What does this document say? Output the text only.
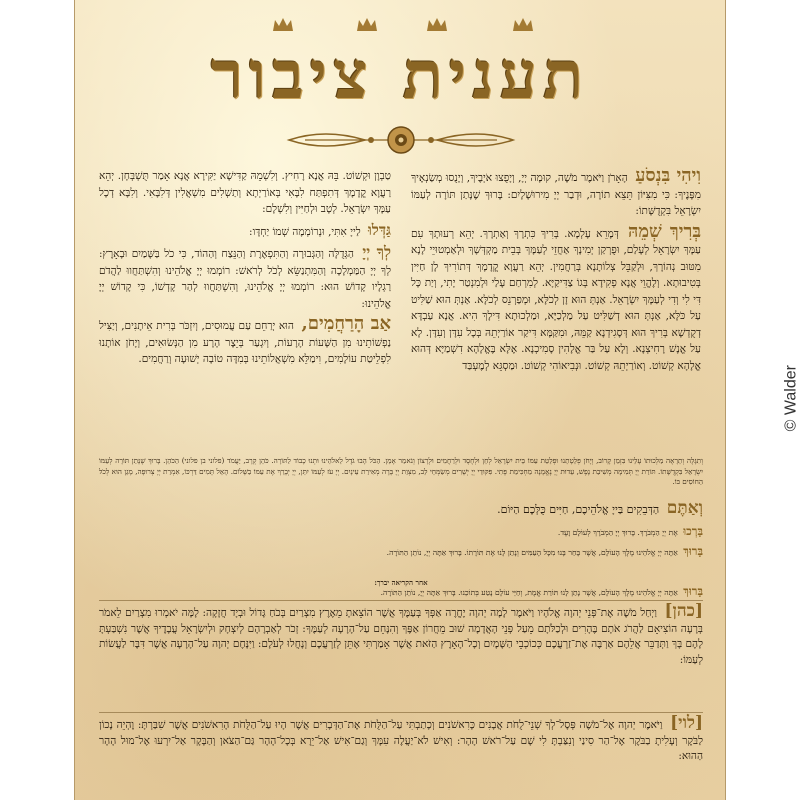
תענית ציבור

וִיהִי בִּנְסֹעַ הָאָרֹן וַיֹּאמֶר מֹשֶׁה, קוּמָה יְיָ, וְיָפֻצוּ אֹיְבֶיךָ, וְיָנֻסוּ מְשַׂנְאֶיךָ מִפָּנֶיךָ: כִּי מִצִּיּוֹן תֵּצֵא תוֹרָה, וּדְבַר יְיָ מִירוּשָׁלָיִם: בָּרוּךְ שֶׁנָּתַן תּוֹרָה לְעַמּוֹ יִשְׂרָאֵל בִּקְדֻשָּׁתוֹ:

בְּרִיךְ שְׁמֵהּ דְּמָרֵא עָלְמָא. בְּרִיךְ כִּתְרָךְ וְאַתְרָךְ. יְהֵא רְעוּתָךְ עִם עַמָּךְ יִשְׂרָאֵל לְעָלַם, וּפֻרְקַן יְמִינָךְ אַחֲזֵי לְעַמָּךְ בְּבֵית מַקְדְּשָׁךְ וּלְאַמְטוּיֵי לָנָא מִטּוּב נְהוֹרָךְ, וּלְקַבֵּל צְלוֹתָנָא בְּרַחֲמִין. יְהֵא רַעֲוָא קֳדָמָךְ דְּתוֹרִיךְ לָן חַיִּין בְּטִיבוּתָא. וְלֶהֱוֵי אֲנָא פְקִידָא בְּגוֹ צַדִּיקַיָּא. לְמִרְחַם עָלַי וּלְמִנְטַר יָתִי, וְיַת כָּל דִּי לִי וְדִי לְעַמָּךְ יִשְׂרָאֵל. אַנְתְּ הוּא זָן לְכֹלָּא, וּמְפַרְנֵס לְכֹלָּא. אַנְתְּ הוּא שַׁלִּיט עַל כֹּלָּא, אַנְתְּ הוּא דְשַׁלִּיט עַל מַלְכַיָּא, וּמַלְכוּתָא דִּילָךְ הִיא. אֲנָא עַבְדָּא דְקֻדְשָׁא בְּרִיךְ הוּא דְּסָגִידְנָא קַמֵּהּ, וּמִקַּמָּא דִּיקַר אוֹרַיְתֵהּ בְּכָל עִדָּן וְעִדָּן. לָא עַל אֱנָשׁ רָחִיצְנָא. וְלָא עַל בַּר אֱלָהִין סָמִיכְנָא. אֶלָּא בֶּאֱלָהָא דִשְׁמַיָּא דְּהוּא אֱלָהָא קְשׁוֹט. וְאוֹרַיְתֵהּ קְשׁוֹט. וּנְבִיאוֹהִי קְשׁוֹט. וּמַסְגֵּא לְמֶעְבַּד

טַבְוָן וּקְשׁוֹט. בֵּהּ אֲנָא רָחִיץ. וְלִשְׁמֵהּ קַדִּישָׁא יַקִּירָא אֲנָא אֵמַר תֻּשְׁבְּחָן. יְהֵא רַעֲוָא קֳדָמָךְ דְּתִפְתַּח לִבָּאִי בְּאוֹרַיְתָא וְתַשְׁלִים מִשְׁאֲלִין דְּלִבָּאִי. וְלִבָּא דְכָל עַמָּךְ יִשְׂרָאֵל. לְטָב וּלְחַיִּין וְלִשְׁלָם:

גַּדְּלוּ לַייָ אִתִּי, וּנְרוֹמְמָה שְׁמוֹ יַחְדָּו:

לְךָ יְיָ הַגְּדֻלָּה וְהַגְּבוּרָה וְהַתִּפְאֶרֶת וְהַנֵּצַח וְהַהוֹד, כִּי כֹל בַּשָּׁמַיִם וּבָאָרֶץ: לְךָ יְיָ הַמַּמְלָכָה וְהַמִּתְנַשֵּׂא לְכֹל לְרֹאשׁ: רוֹמְמוּ יְיָ אֱלֹהֵינוּ וְהִשְׁתַּחֲווּ לַהֲדֹם רַגְלָיו קָדוֹשׁ הוּא: רוֹמְמוּ יְיָ אֱלֹהֵינוּ, וְהִשְׁתַּחֲווּ לְהַר קָדְשׁוֹ, כִּי קָדוֹשׁ יְיָ אֱלֹהֵינוּ:

אַב הָרַחֲמִים, הוּא יְרַחֵם עַם עֲמוּסִים, וְיִזְכֹּר בְּרִית אֵיתָנִים, וְיַצִּיל נַפְשׁוֹתֵינוּ מִן הַשָּׁעוֹת הָרָעוֹת, וְיִגְעַר בְּיֵצֶר הָרָע מִן הַנְּשׂוּאִים, וְיָחֹן אוֹתָנוּ לִפְלֵיטַת עוֹלָמִים, וִימַלֵּא מִשְׁאֲלוֹתֵינוּ בְּמִדָּה טוֹבָה יְשׁוּעָה וְרַחֲמִים.

וְתִגָּלֶה וְתֵרָאֶה מַלְכוּתוֹ עָלֵינוּ בִּזְמַן קָרוֹב, וְיָחֹן פְּלֵטָתֵנוּ וּפְלֵטַת עַמּוֹ בֵּית יִשְׂרָאֵל לְחֵן וּלְחֶסֶד וּלְרַחֲמִים וּלְרָצוֹן וְנֹאמַר אָמֵן. הַכֹּל הָבוּ גֹדֶל לֵאלֹהֵינוּ וּתְנוּ כָבוֹד לַתּוֹרָה. כֹּהֵן קְרָב, יַעֲמֹד (פלוני בן פלוני) הַכֹּהֵן. בָּרוּךְ שֶׁנָּתַן תּוֹרָה לְעַמּוֹ יִשְׂרָאֵל בִּקְדֻשָּׁתוֹ. תּוֹרַת יְיָ תְּמִימָה מְשִׁיבַת נָפֶשׁ, עֵדוּת יְיָ נֶאֱמָנָה מַחְכִּימַת פֶּתִי. פִּקּוּדֵי יְיָ יְשָׁרִים מְשַׂמְּחֵי לֵב, מִצְוַת יְיָ בָּרָה מְאִירַת עֵינָיִם. יְיָ עֹז לְעַמּוֹ יִתֵּן, יְיָ יְבָרֵךְ אֶת עַמּוֹ בַשָּׁלוֹם. הָאֵל תָּמִים דַּרְכּוֹ, אִמְרַת יְיָ צְרוּפָה, מָגֵן הוּא לְכֹל הַחוֹסִים בּוֹ.
וְאַתֶּם הַדְּבֵקִים בַּייָ אֱלֹהֵיכֶם, חַיִּים כֻּלְּכֶם הַיּוֹם.
בָּרְכוּ אֶת יְיָ הַמְבֹרָךְ. בָּרוּךְ יְיָ הַמְבֹרָךְ לְעוֹלָם וָעֶד.
בָּרוּךְ אַתָּה יְיָ אֱלֹהֵינוּ מֶלֶךְ הָעוֹלָם, אֲשֶׁר בָּחַר בָּנוּ מִכָּל הָעַמִּים וְנָתַן לָנוּ אֶת תּוֹרָתוֹ. בָּרוּךְ אַתָּה יְיָ, נוֹתֵן הַתּוֹרָה.
אחר הקריאה יברך:
בָּרוּךְ אַתָּה יְיָ אֱלֹהֵינוּ מֶלֶךְ הָעוֹלָם, אֲשֶׁר נָתַן לָנוּ תּוֹרַת אֱמֶת, וְחַיֵּי עוֹלָם נָטַע בְּתוֹכֵנוּ. בָּרוּךְ אַתָּה יְיָ, נוֹתֵן הַתּוֹרָה.
[כהן] וַיְחַל מֹשֶׁה אֶת־פְּנֵי יְהוָה אֱלֹהָיו וַיֹּאמֶר לָמָה יְהוָה יֶחֱרֶה אַפְּךָ בְּעַמֶּךָ אֲשֶׁר הוֹצֵאתָ מֵאֶרֶץ מִצְרַיִם בְּכֹחַ גָּדוֹל וּבְיָד חֲזָקָה: לָמָּה יֹאמְרוּ מִצְרַיִם לֵאמֹר בְּרָעָה הוֹצִיאָם לַהֲרֹג אֹתָם בֶּהָרִים וּלְכַלֹּתָם מֵעַל פְּנֵי הָאֲדָמָה שׁוּב מֵחֲרוֹן אַפֶּךָ וְהִנָּחֵם עַל־הָרָעָה לְעַמֶּךָ: זְכֹר לְאַבְרָהָם לְיִצְחָק וּלְיִשְׂרָאֵל עֲבָדֶיךָ אֲשֶׁר נִשְׁבַּעְתָּ לָהֶם בָּךְ וַתְּדַבֵּר אֲלֵהֶם אַרְבֶּה אֶת־זַרְעֲכֶם כְּכוֹכְבֵי הַשָּׁמָיִם וְכָל־הָאָרֶץ הַזֹּאת אֲשֶׁר אָמַרְתִּי אֶתֵּן לְזַרְעֲכֶם וְנָחֲלוּ לְעֹלָם: וַיִּנָּחֶם יְהוָה עַל־הָרָעָה אֲשֶׁר דִּבֶּר לַעֲשׂוֹת לְעַמּוֹ:
[לוי] וַיֹּאמֶר יְהוָה אֶל־מֹשֶׁה פְּסָל־לְךָ שְׁנֵי־לֻחֹת אֲבָנִים כָּרִאשֹׁנִים וְכָתַבְתִּי עַל־הַלֻּחֹת אֶת־הַדְּבָרִים אֲשֶׁר הָיוּ עַל־הַלֻּחֹת הָרִאשֹׁנִים אֲשֶׁר שִׁבַּרְתָּ: וֶהְיֵה נָכוֹן לַבֹּקֶר וְעָלִיתָ בַבֹּקֶר אֶל־הַר סִינַי וְנִצַּבְתָּ לִי שָׁם עַל־רֹאשׁ הָהָר: וְאִישׁ לֹא־יַעֲלֶה עִמָּךְ וְגַם־אִישׁ אַל־יֵרָא בְּכָל־הָהָר גַּם־הַצֹּאן וְהַבָּקָר אַל־יִרְעוּ אֶל־מוּל הָהָר הַהוּא:
© Walder
